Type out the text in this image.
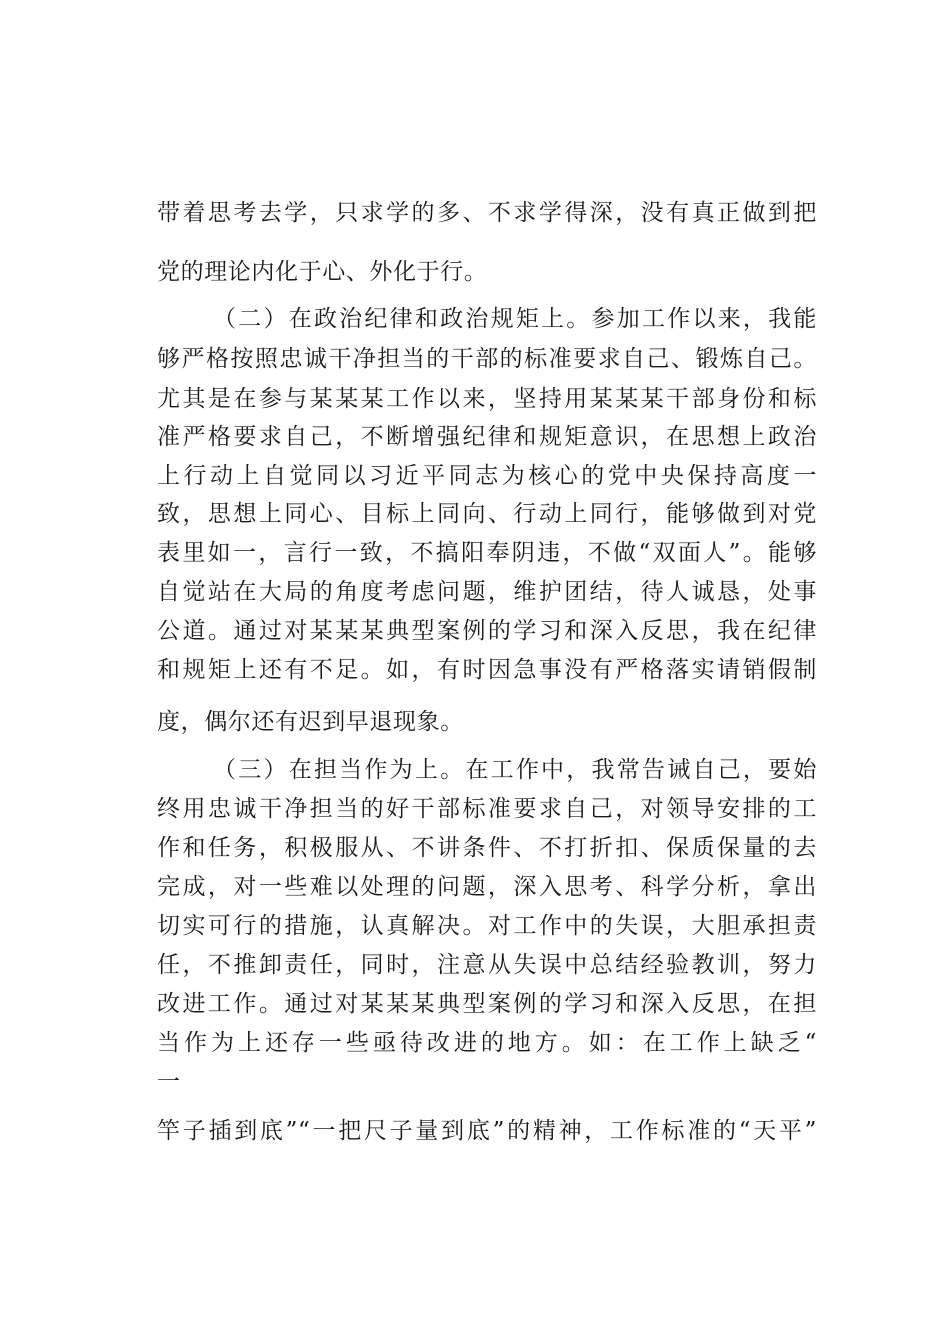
带着思考去学，只求学的多、不求学得深，没有真正做到把
党的理论内化于心、外化于行。
（二）在政治纪律和政治规矩上。参加工作以来，我能
够严格按照忠诚干净担当的干部的标准要求自己、锻炼自己。
尤其是在参与某某某工作以来，坚持用某某某干部身份和标
准严格要求自己，不断增强纪律和规矩意识，在思想上政治
上行动上自觉同以习近平同志为核心的党中央保持高度一
致，思想上同心、目标上同向、行动上同行，能够做到对党
表里如一，言行一致，不搞阳奉阴违，不做“双面人”。能够
自觉站在大局的角度考虑问题，维护团结，待人诚恳，处事
公道。通过对某某某典型案例的学习和深入反思，我在纪律
和规矩上还有不足。如，有时因急事没有严格落实请销假制
度，偶尔还有迟到早退现象。
（三）在担当作为上。在工作中，我常告诫自己，要始
终用忠诚干净担当的好干部标准要求自己，对领导安排的工
作和任务，积极服从、不讲条件、不打折扣、保质保量的去
完成，对一些难以处理的问题，深入思考、科学分析，拿出
切实可行的措施，认真解决。对工作中的失误，大胆承担责
任，不推卸责任，同时，注意从失误中总结经验教训，努力
改进工作。通过对某某某典型案例的学习和深入反思，在担
当作为上还存一些亟待改进的地方。如：在工作上缺乏“
一
竿子插到底”“一把尺子量到底”的精神，工作标准的“天平”
